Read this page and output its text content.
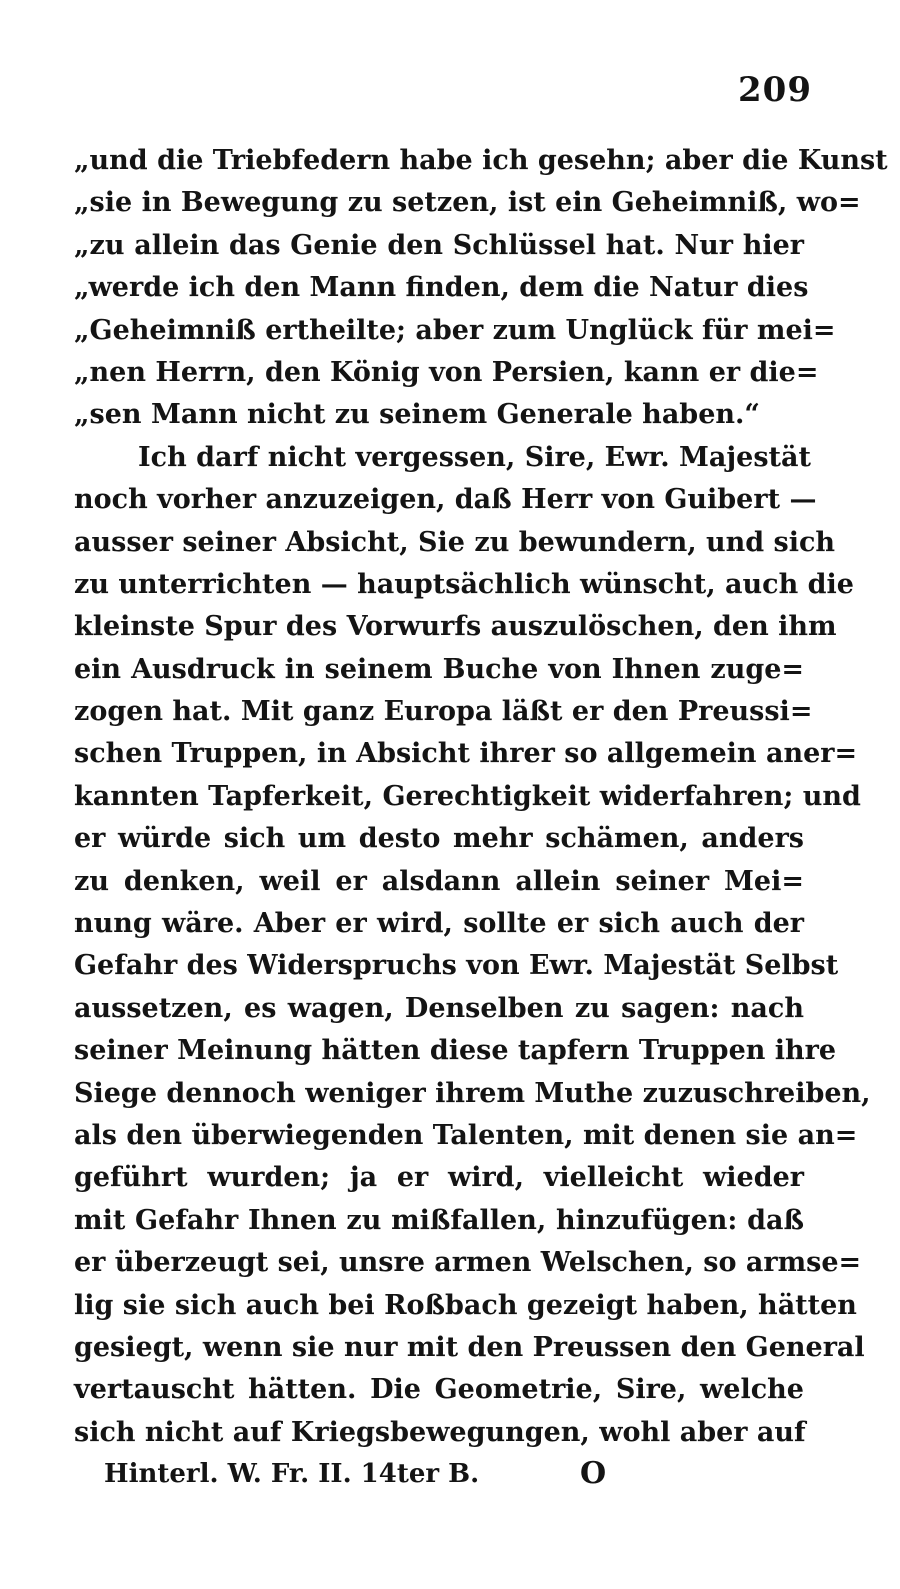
209
„und die Triebfedern habe ich gesehn; aber die Kunst
„sie in Bewegung zu setzen, ist ein Geheimniß, wo=
„zu allein das Genie den Schlüssel hat. Nur hier
„werde ich den Mann finden, dem die Natur dies
„Geheimniß ertheilte; aber zum Unglück für mei=
„nen Herrn, den König von Persien, kann er die=
„sen Mann nicht zu seinem Generale haben.“
Ich darf nicht vergessen, Sire, Ewr. Majestät
noch vorher anzuzeigen, daß Herr von Guibert —
ausser seiner Absicht, Sie zu bewundern, und sich
zu unterrichten — hauptsächlich wünscht, auch die
kleinste Spur des Vorwurfs auszulöschen, den ihm
ein Ausdruck in seinem Buche von Ihnen zuge=
zogen hat. Mit ganz Europa läßt er den Preussi=
schen Truppen, in Absicht ihrer so allgemein aner=
kannten Tapferkeit, Gerechtigkeit widerfahren; und
er würde sich um desto mehr schämen, anders
zu denken, weil er alsdann allein seiner Mei=
nung wäre. Aber er wird, sollte er sich auch der
Gefahr des Widerspruchs von Ewr. Majestät Selbst
aussetzen, es wagen, Denselben zu sagen: nach
seiner Meinung hätten diese tapfern Truppen ihre
Siege dennoch weniger ihrem Muthe zuzuschreiben,
als den überwiegenden Talenten, mit denen sie an=
geführt wurden; ja er wird, vielleicht wieder
mit Gefahr Ihnen zu mißfallen, hinzufügen: daß
er überzeugt sei, unsre armen Welschen, so armse=
lig sie sich auch bei Roßbach gezeigt haben, hätten
gesiegt, wenn sie nur mit den Preussen den General
vertauscht hätten. Die Geometrie, Sire, welche
sich nicht auf Kriegsbewegungen, wohl aber auf
Hinterl. W. Fr. II. 14ter B.	O
